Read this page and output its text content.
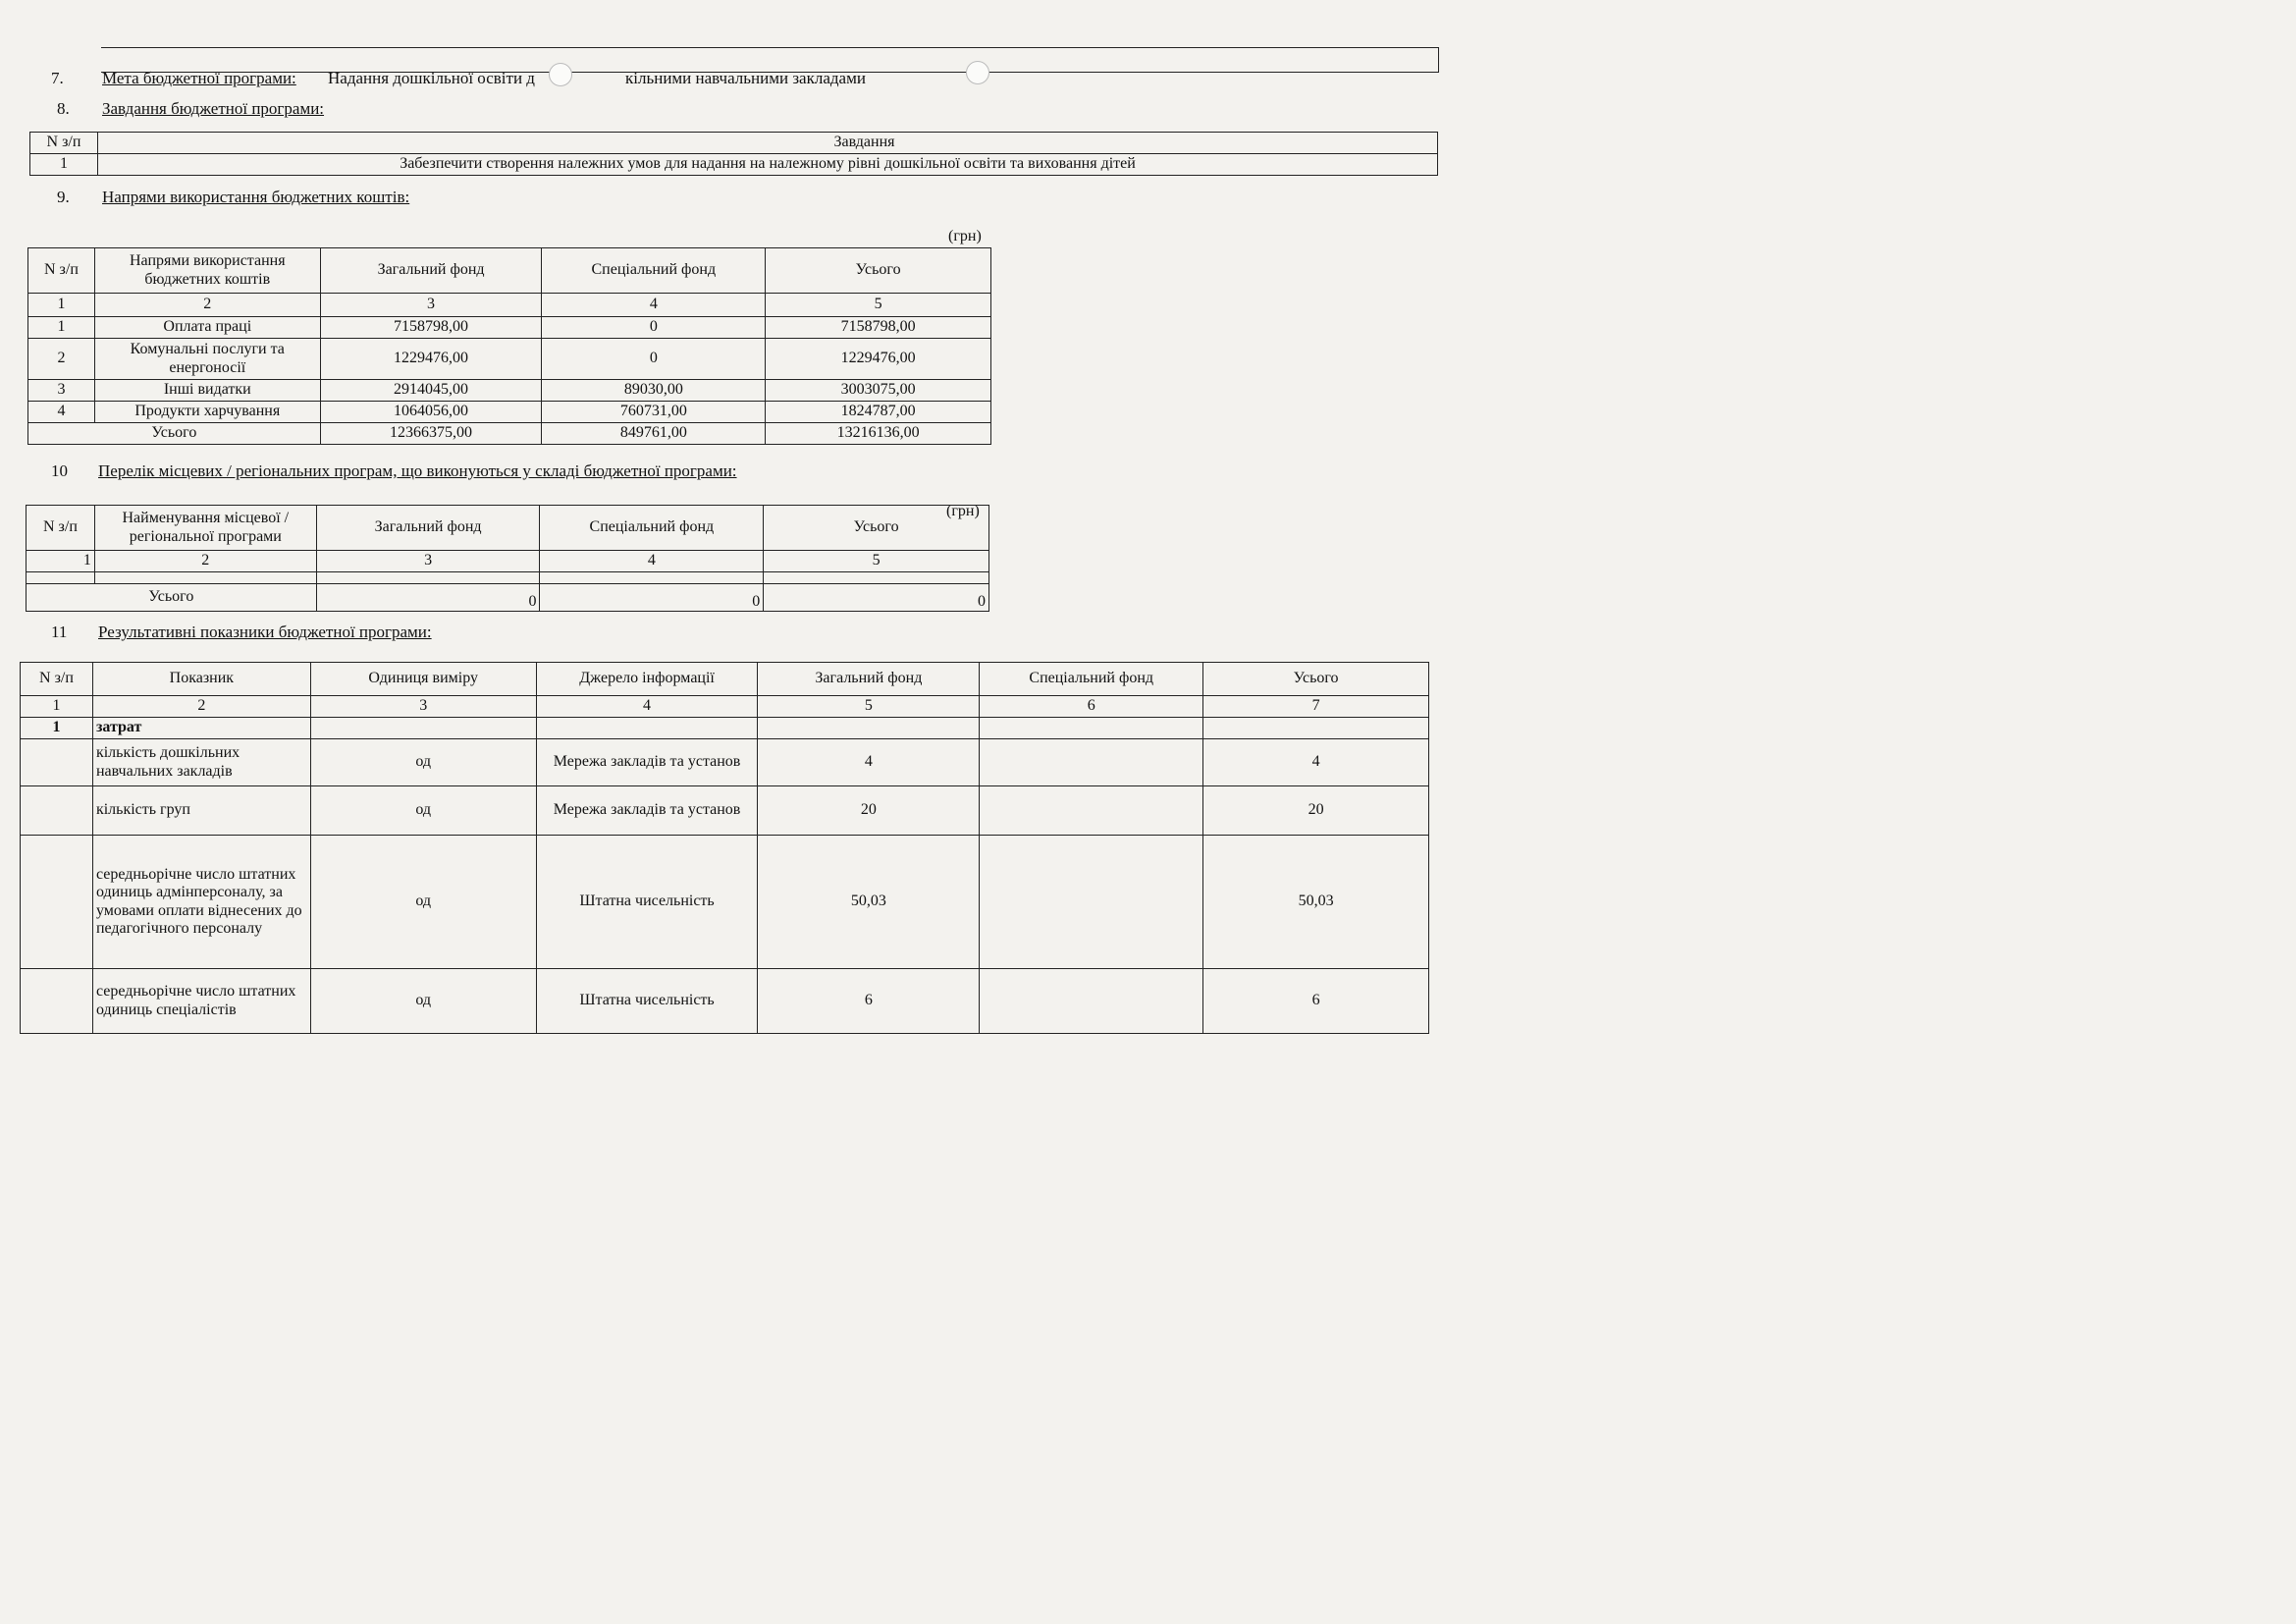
7. Мета бюджетної програми: Надання дошкільної освіти д	кільними навчальними закладами
8. Завдання бюджетної програми:
N з/п	Завдання
1	Забезпечити створення належних умов для надання на належному рівні дошкільної освіти та виховання дітей
9. Напрями використання бюджетних коштів:
(грн)
N з/п	Напрями використання бюджетних коштів	Загальний фонд	Спеціальний фонд	Усього
1	2	3	4	5
1	Оплата праці	7158798,00	0	7158798,00
2	Комунальні послуги та енергоносії	1229476,00	0	1229476,00
3	Інші видатки	2914045,00	89030,00	3003075,00
4	Продукти харчування	1064056,00	760731,00	1824787,00
Усього		12366375,00	849761,00	13216136,00
10 Перелік місцевих / регіональних програм, що виконуються у складі бюджетної програми:
(грн)
N з/п	Найменування місцевої / регіональної програми	Загальний фонд	Спеціальний фонд	Усього
1	2	3	4	5

Усього		0	0	0
11 Результативні показники бюджетної програми:
N з/п	Показник	Одиниця виміру	Джерело інформації	Загальний фонд	Спеціальний фонд	Усього
1	2	3	4	5	6	7
1	затрат					
	кількість дошкільних навчальних закладів	од	Мережа закладів та установ	4		4
	кількість груп	од	Мережа закладів та установ	20		20
	середньорічне число штатних одиниць адмінперсоналу, за умовами оплати віднесених до педагогічного персоналу	од	Штатна чисельність	50,03		50,03
	середньорічне число штатних одиниць спеціалістів	од	Штатна чисельність	6		6
